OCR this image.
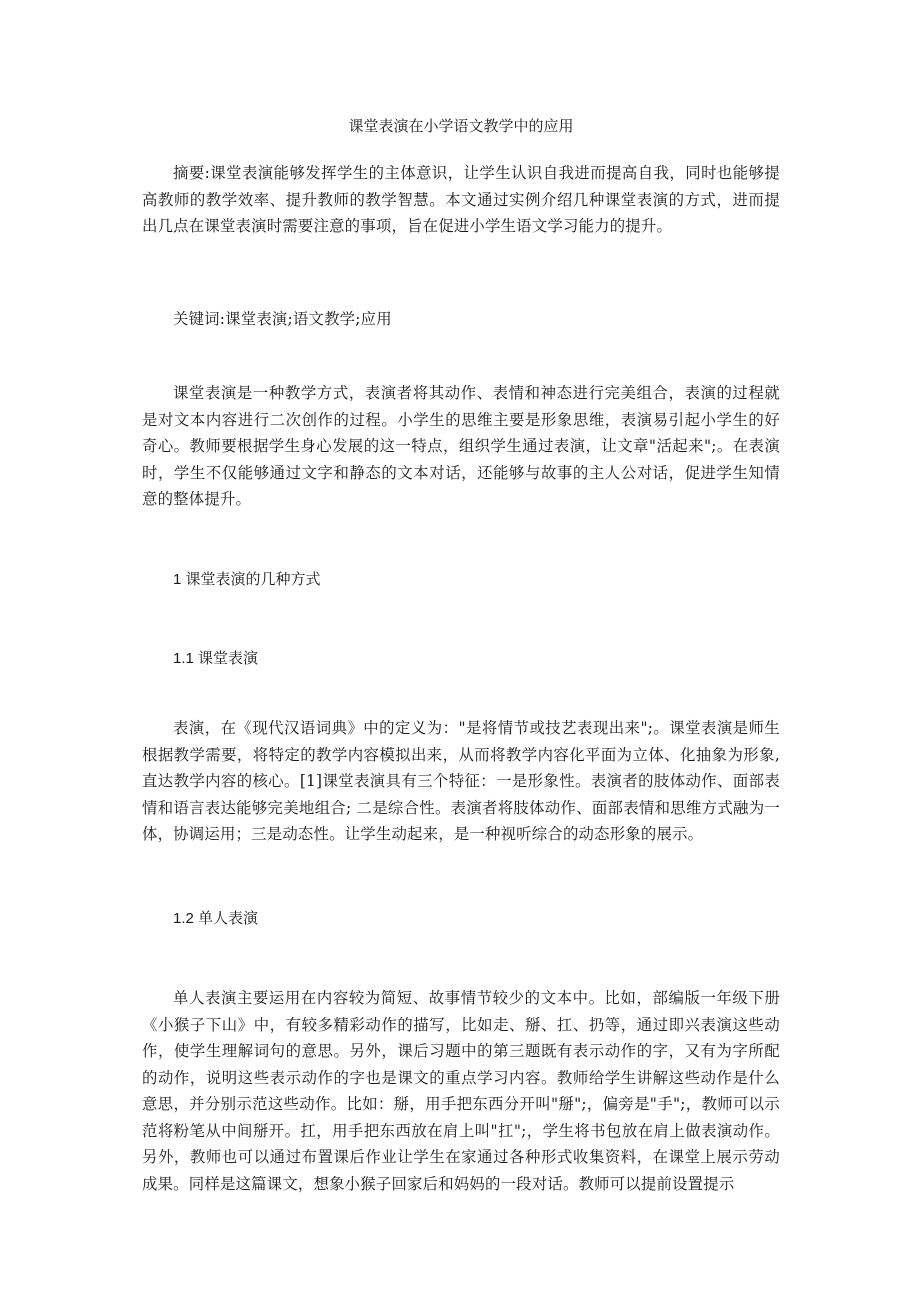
课堂表演在小学语文教学中的应用

摘要:课堂表演能够发挥学生的主体意识，让学生认识自我进而提高自我，同时也能够提高教师的教学效率、提升教师的教学智慧。本文通过实例介绍几种课堂表演的方式，进而提出几点在课堂表演时需要注意的事项，旨在促进小学生语文学习能力的提升。

关键词:课堂表演;语文教学;应用

课堂表演是一种教学方式，表演者将其动作、表情和神态进行完美组合，表演的过程就是对文本内容进行二次创作的过程。小学生的思维主要是形象思维，表演易引起小学生的好奇心。教师要根据学生身心发展的这一特点，组织学生通过表演，让文章"活起来";。在表演时，学生不仅能够通过文字和静态的文本对话，还能够与故事的主人公对话，促进学生知情意的整体提升。

1 课堂表演的几种方式
1.1 课堂表演

表演，在《现代汉语词典》中的定义为："是将情节或技艺表现出来";。课堂表演是师生根据教学需要，将特定的教学内容模拟出来，从而将教学内容化平面为立体、化抽象为形象,直达教学内容的核心。[1]课堂表演具有三个特征：一是形象性。表演者的肢体动作、面部表情和语言表达能够完美地组合; 二是综合性。表演者将肢体动作、面部表情和思维方式融为一体，协调运用；三是动态性。让学生动起来，是一种视听综合的动态形象的展示。

1.2 单人表演

单人表演主要运用在内容较为简短、故事情节较少的文本中。比如，部编版一年级下册《小猴子下山》中，有较多精彩动作的描写，比如走、掰、扛、扔等，通过即兴表演这些动作，使学生理解词句的意思。另外，课后习题中的第三题既有表示动作的字，又有为字所配的动作，说明这些表示动作的字也是课文的重点学习内容。教师给学生讲解这些动作是什么意思，并分别示范这些动作。比如：掰，用手把东西分开叫"掰";，偏旁是"手";，教师可以示范将粉笔从中间掰开。扛，用手把东西放在肩上叫"扛";，学生将书包放在肩上做表演动作。另外，教师也可以通过布置课后作业让学生在家通过各种形式收集资料，在课堂上展示劳动成果。同样是这篇课文，想象小猴子回家后和妈妈的一段对话。教师可以提前设置提示
